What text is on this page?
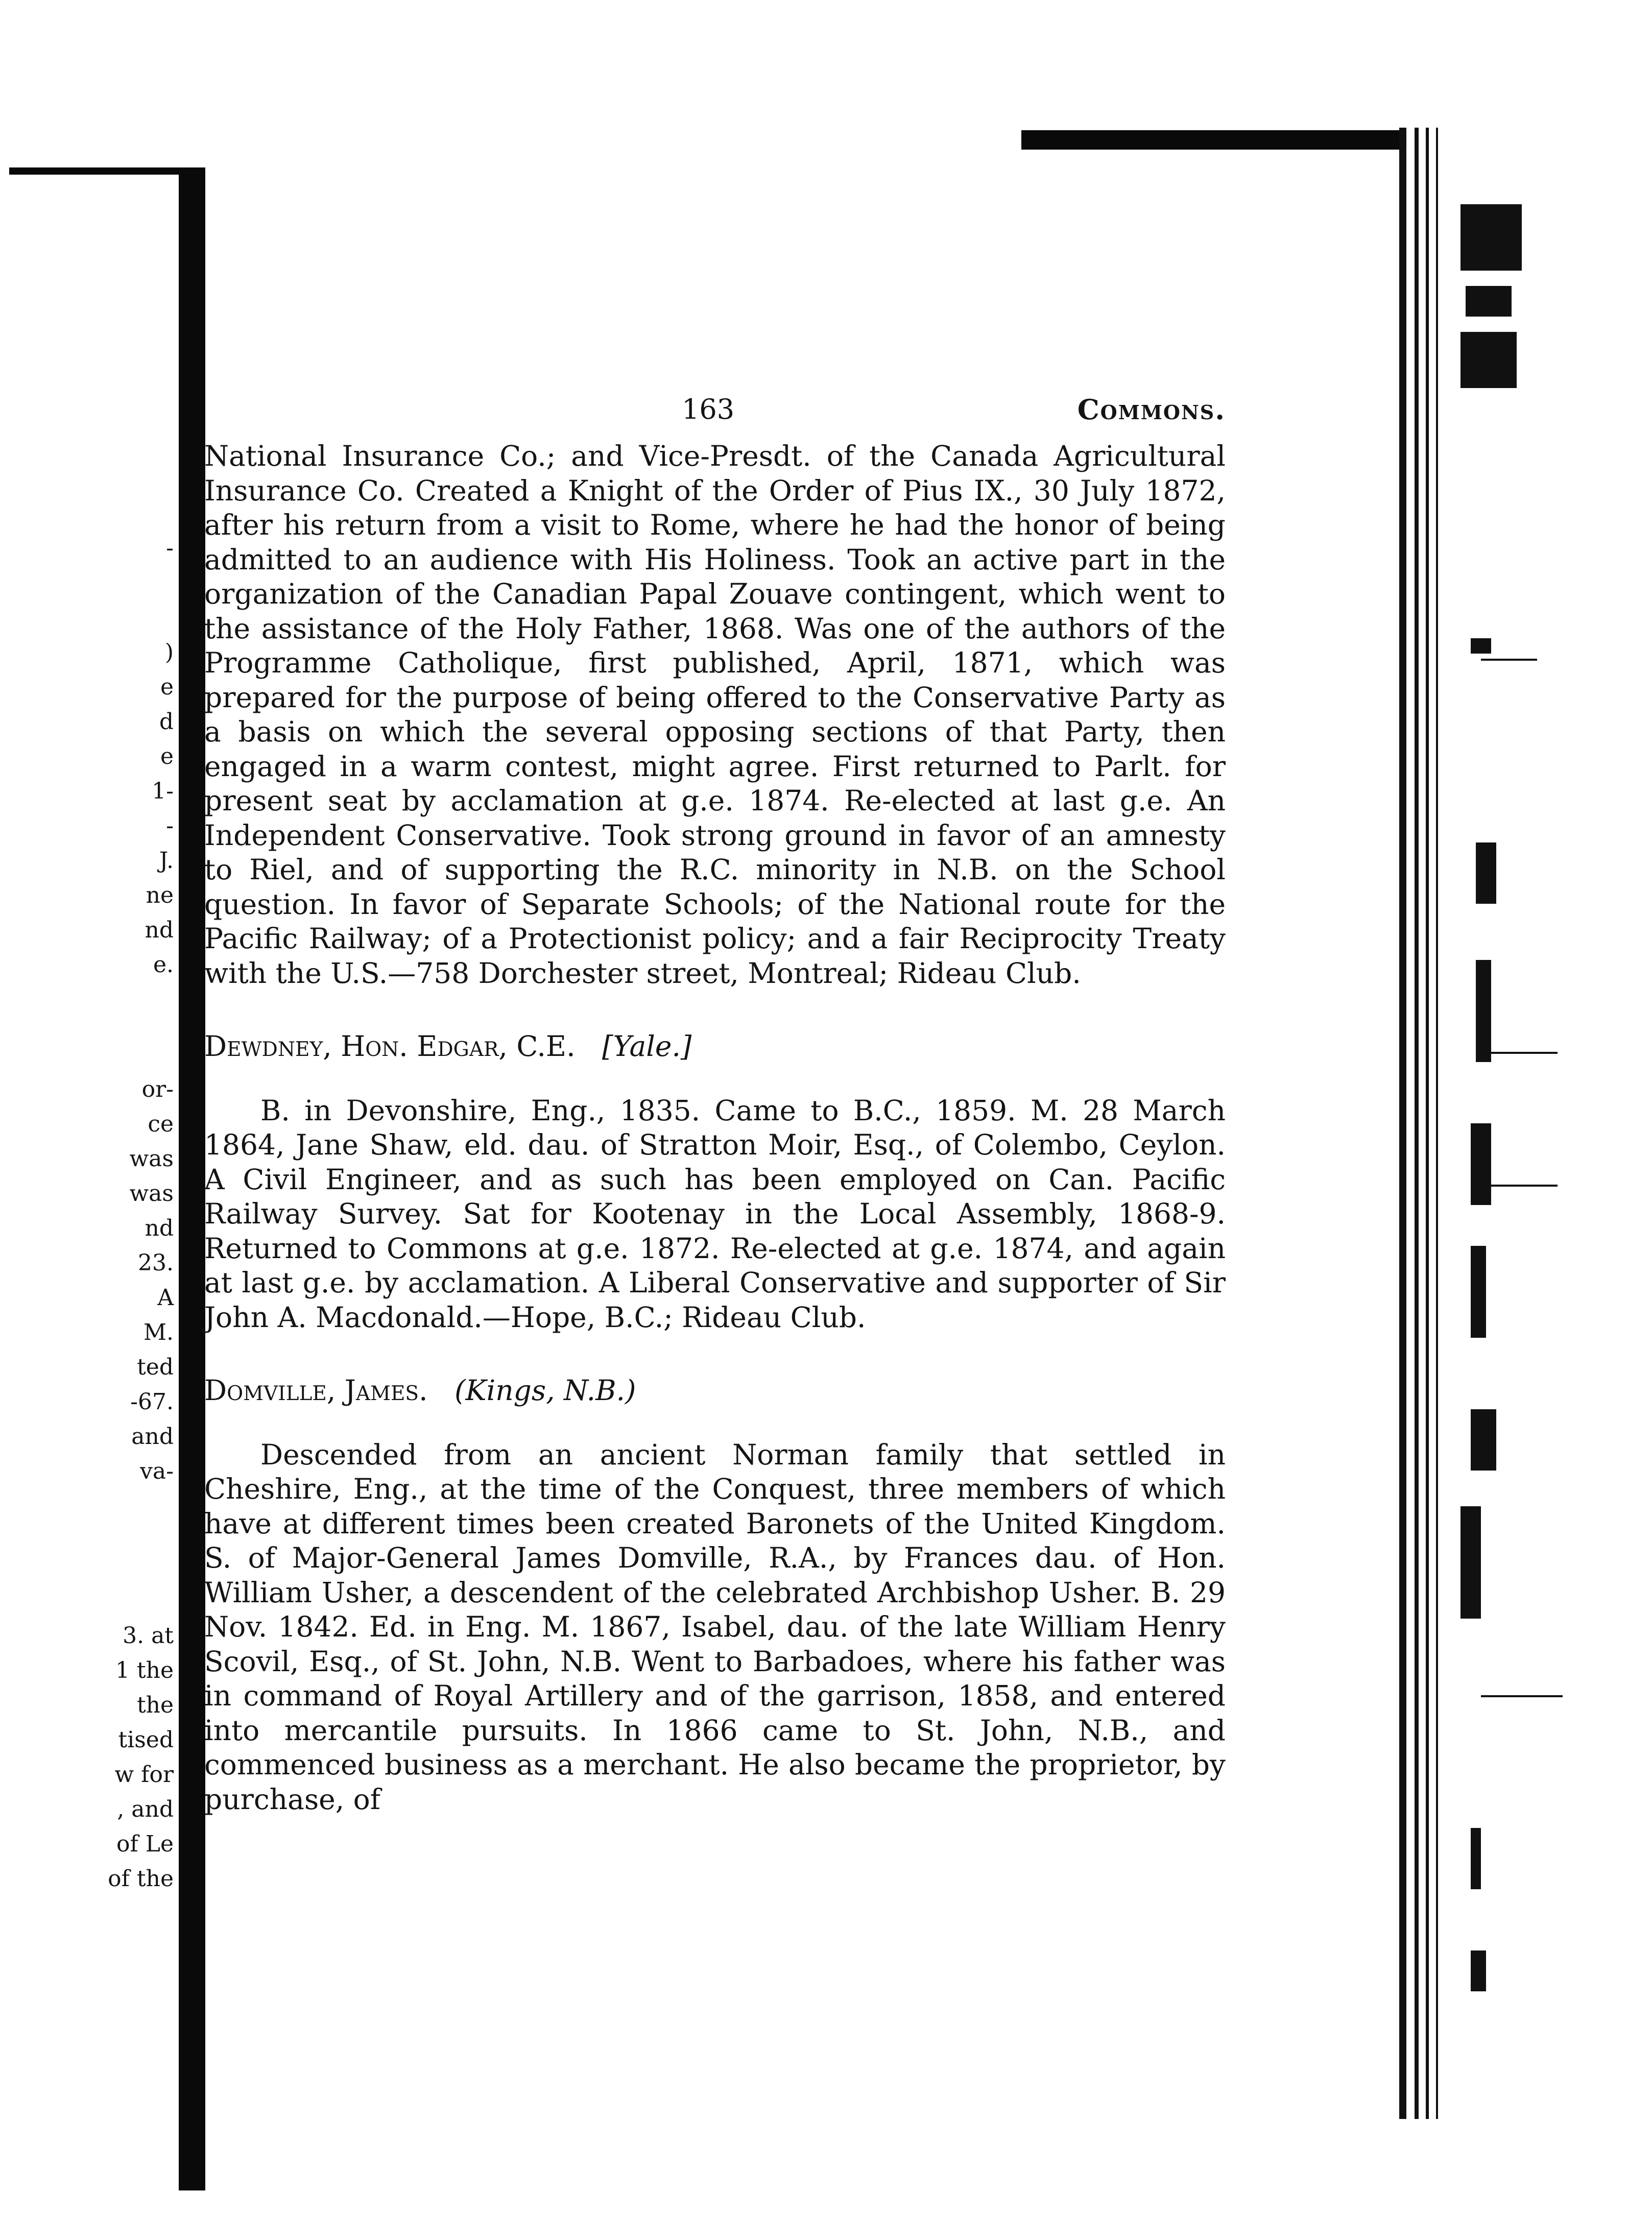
-
)
e
d
e
1-
-
J.
ne
nd
e.
or-
ce
was
was
nd
23.
A
M.
ted
-67.
and
va-
3. at
1 the
the
tised
w for
, and
of Le
of the
163	Commons.

National Insurance Co.; and Vice-Presdt. of the Canada Agricultural Insurance Co. Created a Knight of the Order of Pius IX., 30 July 1872, after his return from a visit to Rome, where he had the honor of being admitted to an audience with His Holiness. Took an active part in the organization of the Canadian Papal Zouave contingent, which went to the assistance of the Holy Father, 1868. Was one of the authors of the Programme Catholique, first published, April, 1871, which was prepared for the purpose of being offered to the Conservative Party as a basis on which the several opposing sections of that Party, then engaged in a warm contest, might agree. First returned to Parlt. for present seat by acclamation at g.e. 1874. Re-elected at last g.e. An Independent Conservative. Took strong ground in favor of an amnesty to Riel, and of supporting the R.C. minority in N.B. on the School question. In favor of Separate Schools; of the National route for the Pacific Railway; of a Protectionist policy; and a fair Reciprocity Treaty with the U.S.—758 Dorchester street, Montreal; Rideau Club.

Dewdney, Hon. Edgar, C.E. [Yale.]

B. in Devonshire, Eng., 1835. Came to B.C., 1859. M. 28 March 1864, Jane Shaw, eld. dau. of Stratton Moir, Esq., of Colembo, Ceylon. A Civil Engineer, and as such has been employed on Can. Pacific Railway Survey. Sat for Kootenay in the Local Assembly, 1868-9. Returned to Commons at g.e. 1872. Re-elected at g.e. 1874, and again at last g.e. by acclamation. A Liberal Conservative and supporter of Sir John A. Macdonald.—Hope, B.C.; Rideau Club.

Domville, James. (Kings, N.B.)

Descended from an ancient Norman family that settled in Cheshire, Eng., at the time of the Conquest, three members of which have at different times been created Baronets of the United Kingdom. S. of Major-General James Domville, R.A., by Frances dau. of Hon. William Usher, a descendent of the celebrated Archbishop Usher. B. 29 Nov. 1842. Ed. in Eng. M. 1867, Isabel, dau. of the late William Henry Scovil, Esq., of St. John, N.B. Went to Barbadoes, where his father was in command of Royal Artillery and of the garrison, 1858, and entered into mercantile pursuits. In 1866 came to St. John, N.B., and commenced business as a merchant. He also became the proprietor, by purchase, of
